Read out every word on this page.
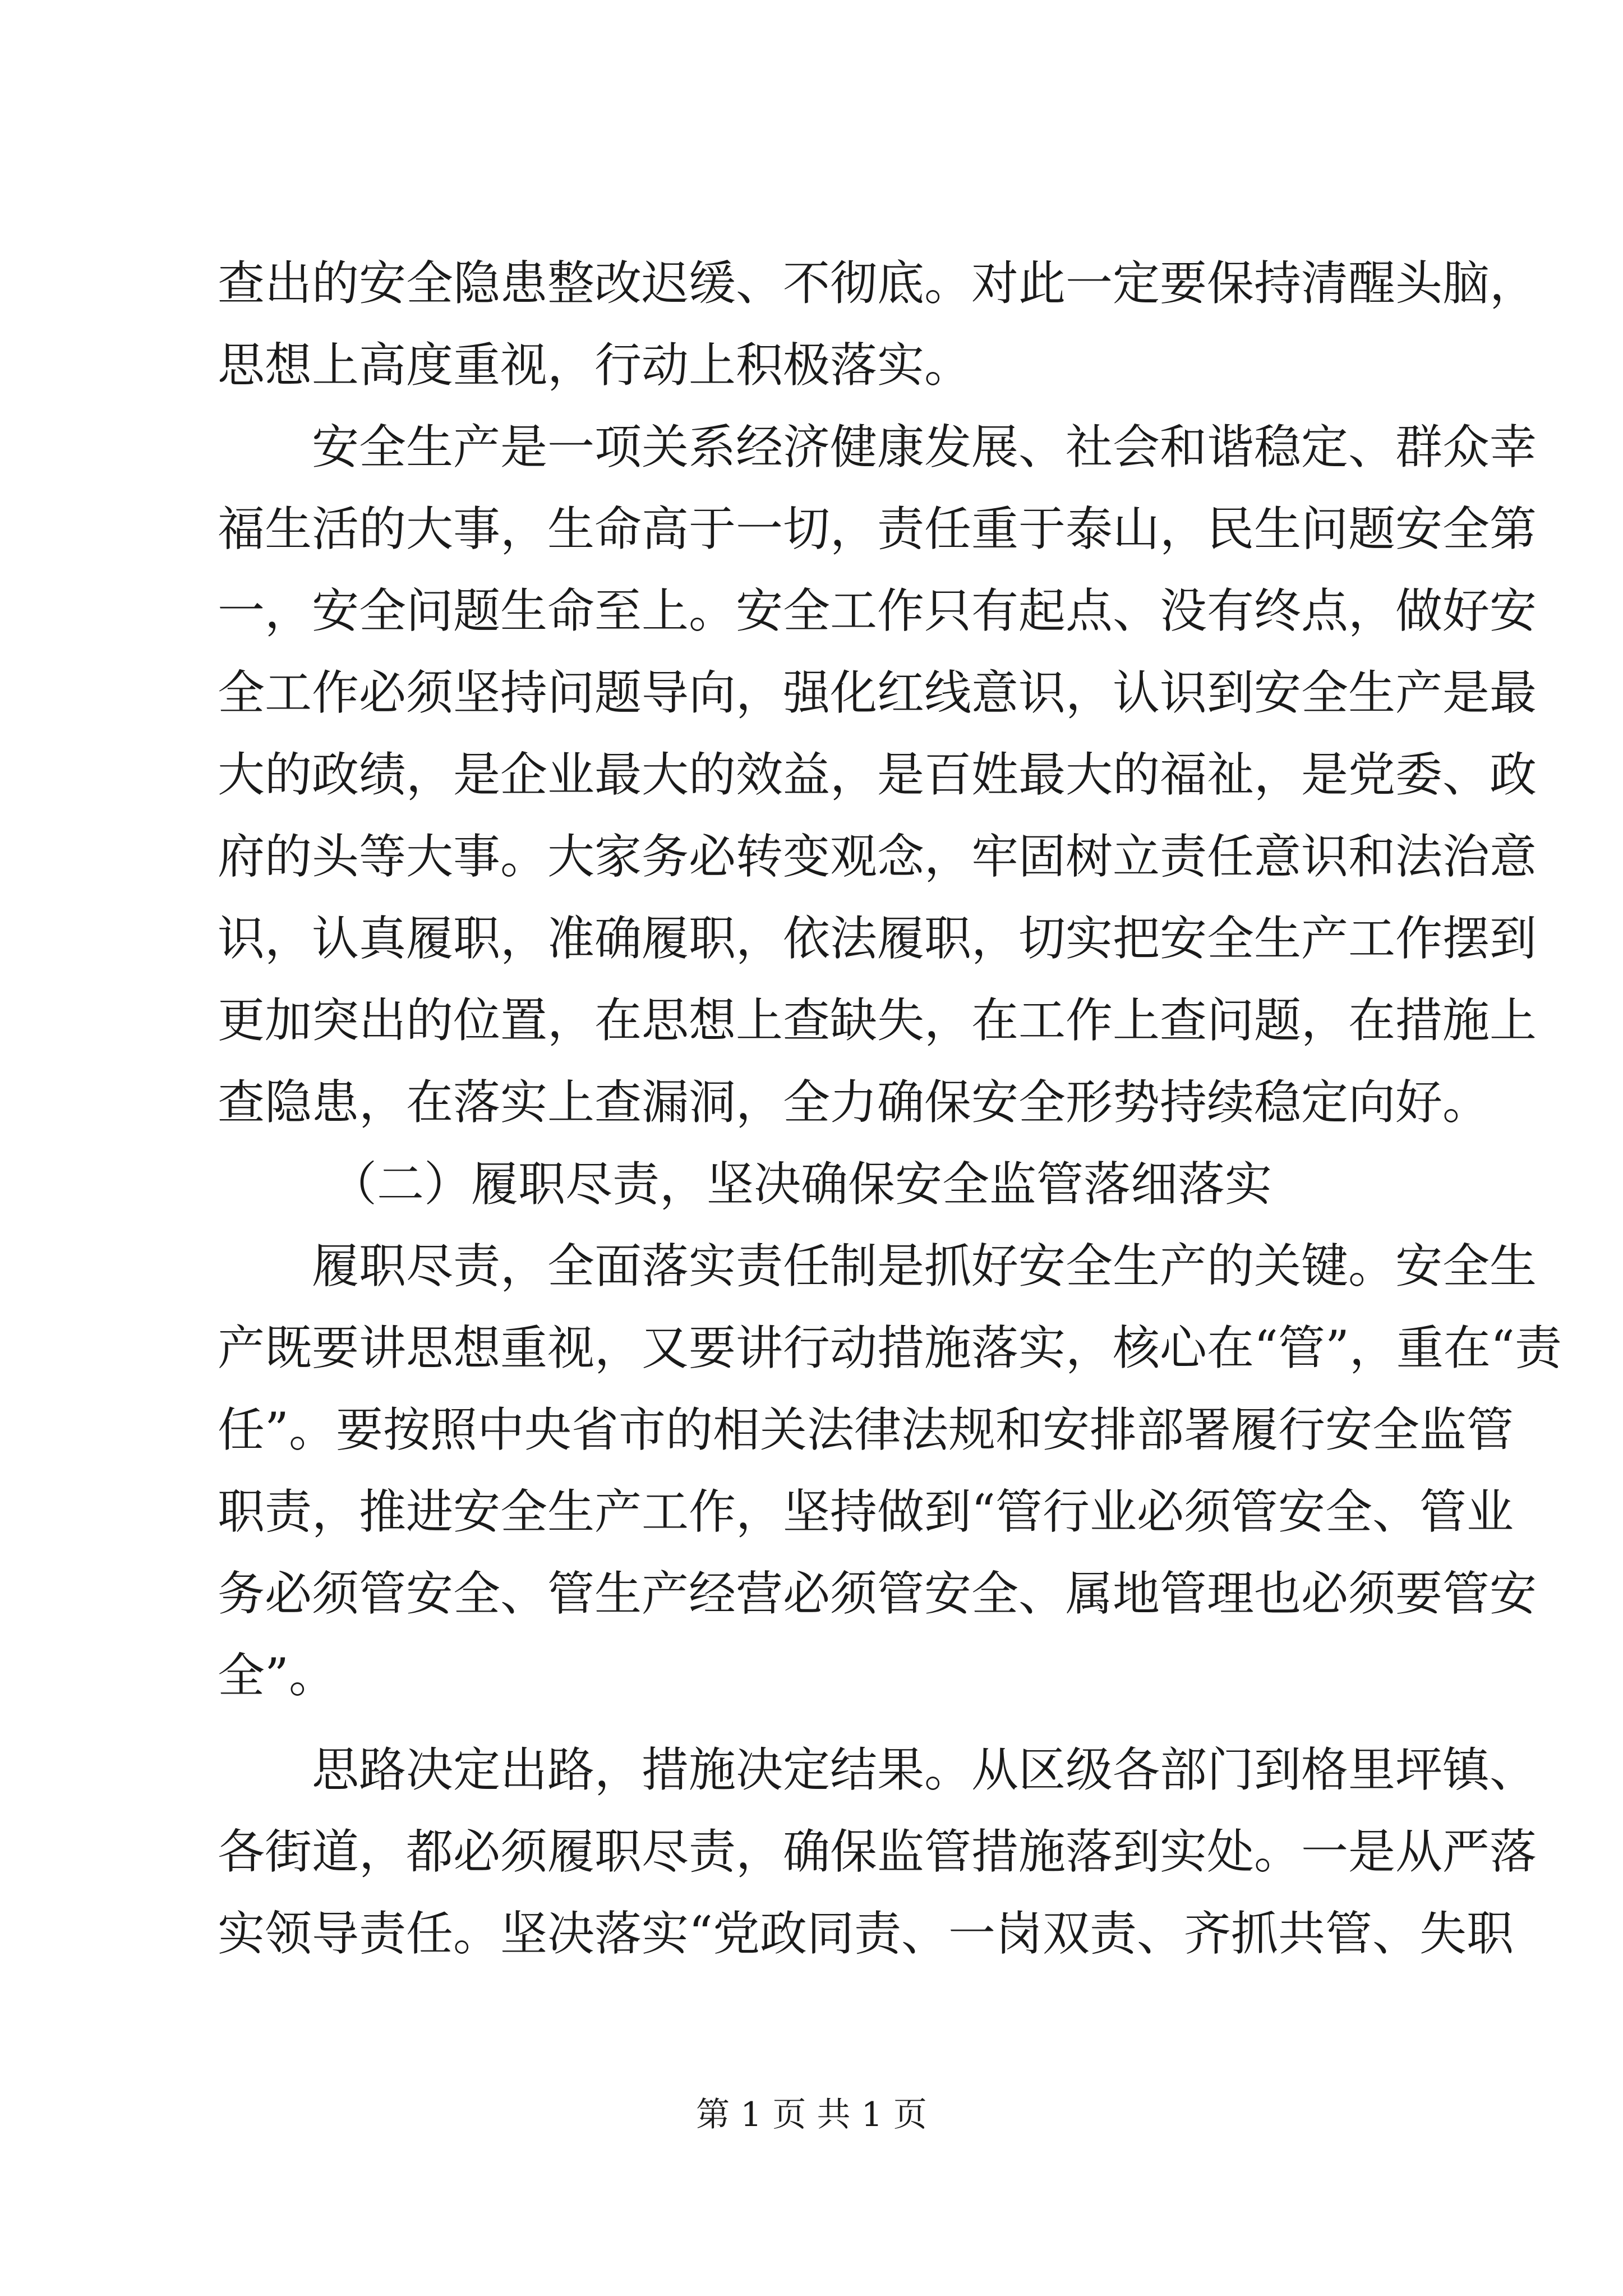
查出的安全隐患整改迟缓、不彻底。对此一定要保持清醒头脑，
思想上高度重视，行动上积极落实。
安全生产是一项关系经济健康发展、社会和谐稳定、群众幸
福生活的大事，生命高于一切，责任重于泰山，民生问题安全第
一，安全问题生命至上。安全工作只有起点、没有终点，做好安
全工作必须坚持问题导向，强化红线意识，认识到安全生产是最
大的政绩，是企业最大的效益，是百姓最大的福祉，是党委、政
府的头等大事。大家务必转变观念，牢固树立责任意识和法治意
识，认真履职，准确履职，依法履职，切实把安全生产工作摆到
更加突出的位置，在思想上查缺失，在工作上查问题，在措施上
查隐患，在落实上查漏洞，全力确保安全形势持续稳定向好。
（二）履职尽责，坚决确保安全监管落细落实
履职尽责，全面落实责任制是抓好安全生产的关键。安全生
产既要讲思想重视，又要讲行动措施落实，核心在“管”，重在“责
任”。要按照中央省市的相关法律法规和安排部署履行安全监管
职责，推进安全生产工作，坚持做到“管行业必须管安全、管业
务必须管安全、管生产经营必须管安全、属地管理也必须要管安
全”。
思路决定出路，措施决定结果。从区级各部门到格里坪镇、
各街道，都必须履职尽责，确保监管措施落到实处。一是从严落
实领导责任。坚决落实“党政同责、一岗双责、齐抓共管、失职
第 1 页 共 1 页
